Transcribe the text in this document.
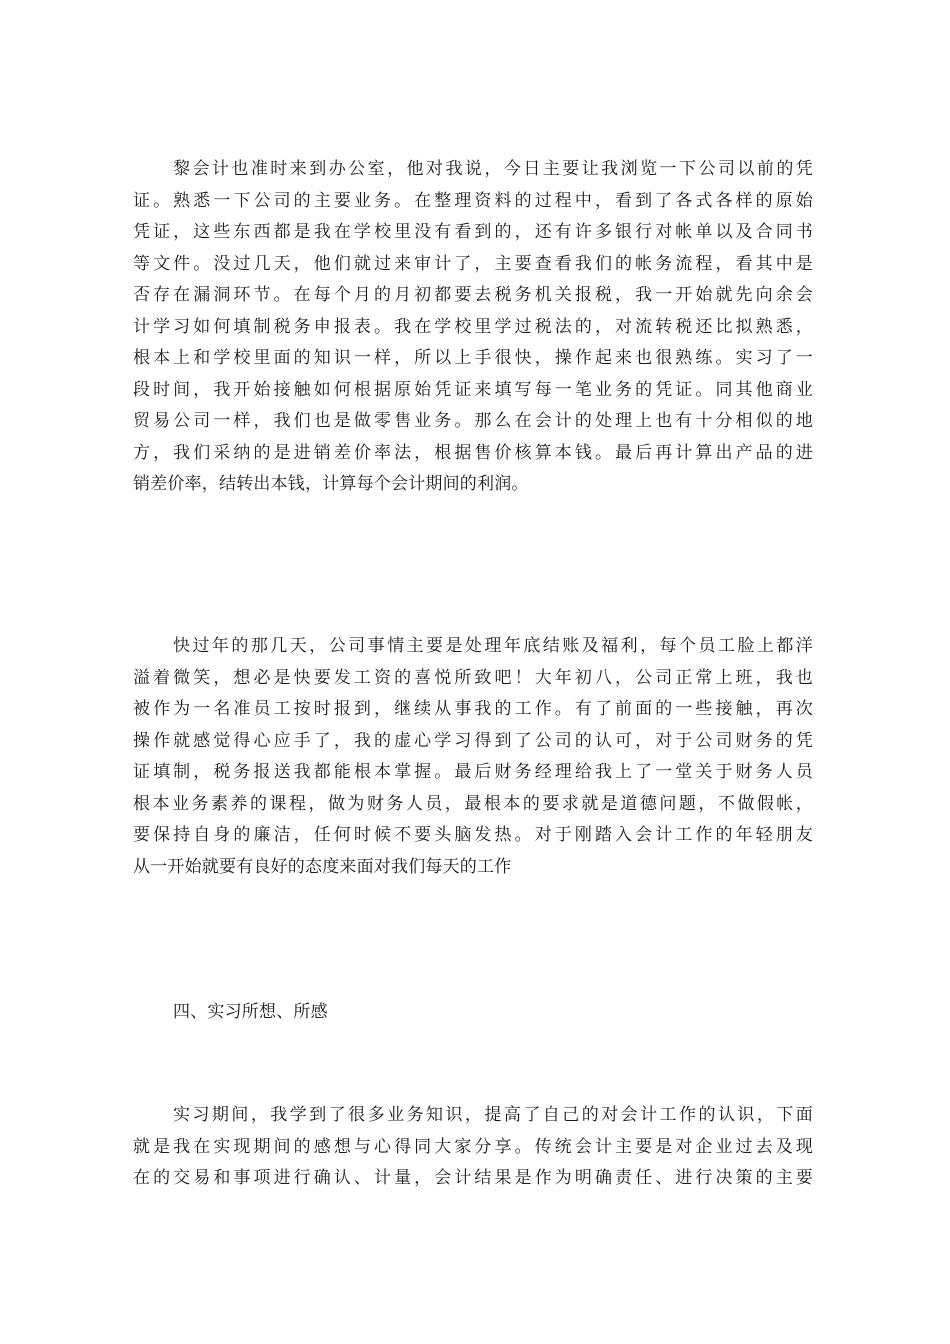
黎会计也准时来到办公室，他对我说，今日主要让我浏览一下公司以前的凭
证。熟悉一下公司的主要业务。在整理资料的过程中，看到了各式各样的原始
凭证，这些东西都是我在学校里没有看到的，还有许多银行对帐单以及合同书
等文件。没过几天，他们就过来审计了，主要查看我们的帐务流程，看其中是
否存在漏洞环节。在每个月的月初都要去税务机关报税，我一开始就先向余会
计学习如何填制税务申报表。我在学校里学过税法的，对流转税还比拟熟悉，
根本上和学校里面的知识一样，所以上手很快，操作起来也很熟练。实习了一
段时间，我开始接触如何根据原始凭证来填写每一笔业务的凭证。同其他商业
贸易公司一样，我们也是做零售业务。那么在会计的处理上也有十分相似的地
方，我们采纳的是进销差价率法，根据售价核算本钱。最后再计算出产品的进
销差价率，结转出本钱，计算每个会计期间的利润。
快过年的那几天，公司事情主要是处理年底结账及福利，每个员工脸上都洋
溢着微笑，想必是快要发工资的喜悦所致吧！大年初八，公司正常上班，我也
被作为一名准员工按时报到，继续从事我的工作。有了前面的一些接触，再次
操作就感觉得心应手了，我的虚心学习得到了公司的认可，对于公司财务的凭
证填制，税务报送我都能根本掌握。最后财务经理给我上了一堂关于财务人员
根本业务素养的课程，做为财务人员，最根本的要求就是道德问题，不做假帐，
要保持自身的廉洁，任何时候不要头脑发热。对于刚踏入会计工作的年轻朋友
从一开始就要有良好的态度来面对我们每天的工作

四、实习所想、所感

实习期间，我学到了很多业务知识，提高了自己的对会计工作的认识，下面
就是我在实现期间的感想与心得同大家分享。传统会计主要是对企业过去及现
在的交易和事项进行确认、计量，会计结果是作为明确责任、进行决策的主要
